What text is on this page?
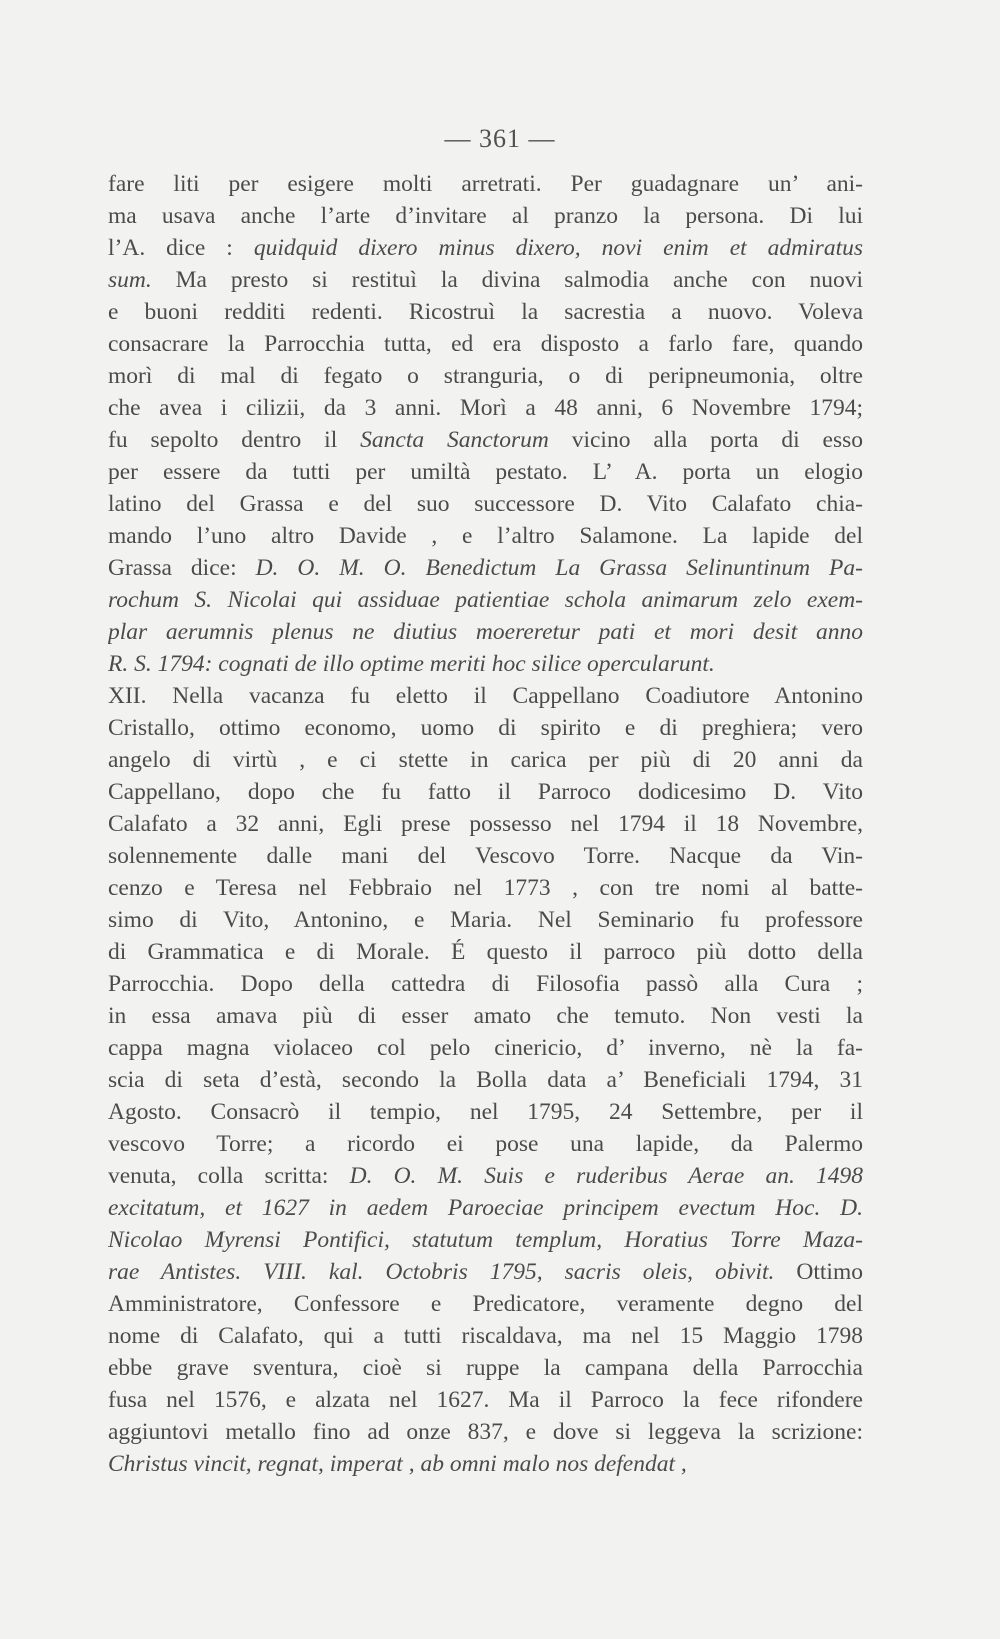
— 361 —
fare liti per esigere molti arretrati. Per guadagnare un’ ani-
ma usava anche l’arte d’invitare al pranzo la persona. Di lui
l’A. dice : quidquid dixero minus dixero, novi enim et admiratus
sum. Ma presto si restituì la divina salmodia anche con nuovi
e buoni redditi redenti. Ricostruì la sacrestia a nuovo. Voleva
consacrare la Parrocchia tutta, ed era disposto a farlo fare, quando
morì di mal di fegato o stranguria, o di peripneumonia, oltre
che avea i cilizii, da 3 anni. Morì a 48 anni, 6 Novembre 1794;
fu sepolto dentro il Sancta Sanctorum vicino alla porta di esso
per essere da tutti per umiltà pestato. L’ A. porta un elogio
latino del Grassa e del suo successore D. Vito Calafato chia-
mando l’uno altro Davide , e l’altro Salamone. La lapide del
Grassa dice: D. O. M. O. Benedictum La Grassa Selinuntinum Pa-
rochum S. Nicolai qui assiduae patientiae schola animarum zelo exem-
plar aerumnis plenus ne diutius moereretur pati et mori desit anno
R. S. 1794: cognati de illo optime meriti hoc silice opercularunt.
XII. Nella vacanza fu eletto il Cappellano Coadiutore Antonino
Cristallo, ottimo economo, uomo di spirito e di preghiera; vero
angelo di virtù , e ci stette in carica per più di 20 anni da
Cappellano, dopo che fu fatto il Parroco dodicesimo D. Vito
Calafato a 32 anni, Egli prese possesso nel 1794 il 18 Novembre,
solennemente dalle mani del Vescovo Torre. Nacque da Vin-
cenzo e Teresa nel Febbraio nel 1773 , con tre nomi al batte-
simo di Vito, Antonino, e Maria. Nel Seminario fu professore
di Grammatica e di Morale. É questo il parroco più dotto della
Parrocchia. Dopo della cattedra di Filosofia passò alla Cura ;
in essa amava più di esser amato che temuto. Non vesti la
cappa magna violaceo col pelo cinericio, d’ inverno, nè la fa-
scia di seta d’està, secondo la Bolla data a’ Beneficiali 1794, 31
Agosto. Consacrò il tempio, nel 1795, 24 Settembre, per il
vescovo Torre; a ricordo ei pose una lapide, da Palermo
venuta, colla scritta: D. O. M. Suis e ruderibus Aerae an. 1498
excitatum, et 1627 in aedem Paroeciae principem evectum Hoc. D.
Nicolao Myrensi Pontifici, statutum templum, Horatius Torre Maza-
rae Antistes. VIII. kal. Octobris 1795, sacris oleis, obivit. Ottimo
Amministratore, Confessore e Predicatore, veramente degno del
nome di Calafato, qui a tutti riscaldava, ma nel 15 Maggio 1798
ebbe grave sventura, cioè si ruppe la campana della Parrocchia
fusa nel 1576, e alzata nel 1627. Ma il Parroco la fece rifondere
aggiuntovi metallo fino ad onze 837, e dove si leggeva la scrizione:
Christus vincit, regnat, imperat , ab omni malo nos defendat ,
